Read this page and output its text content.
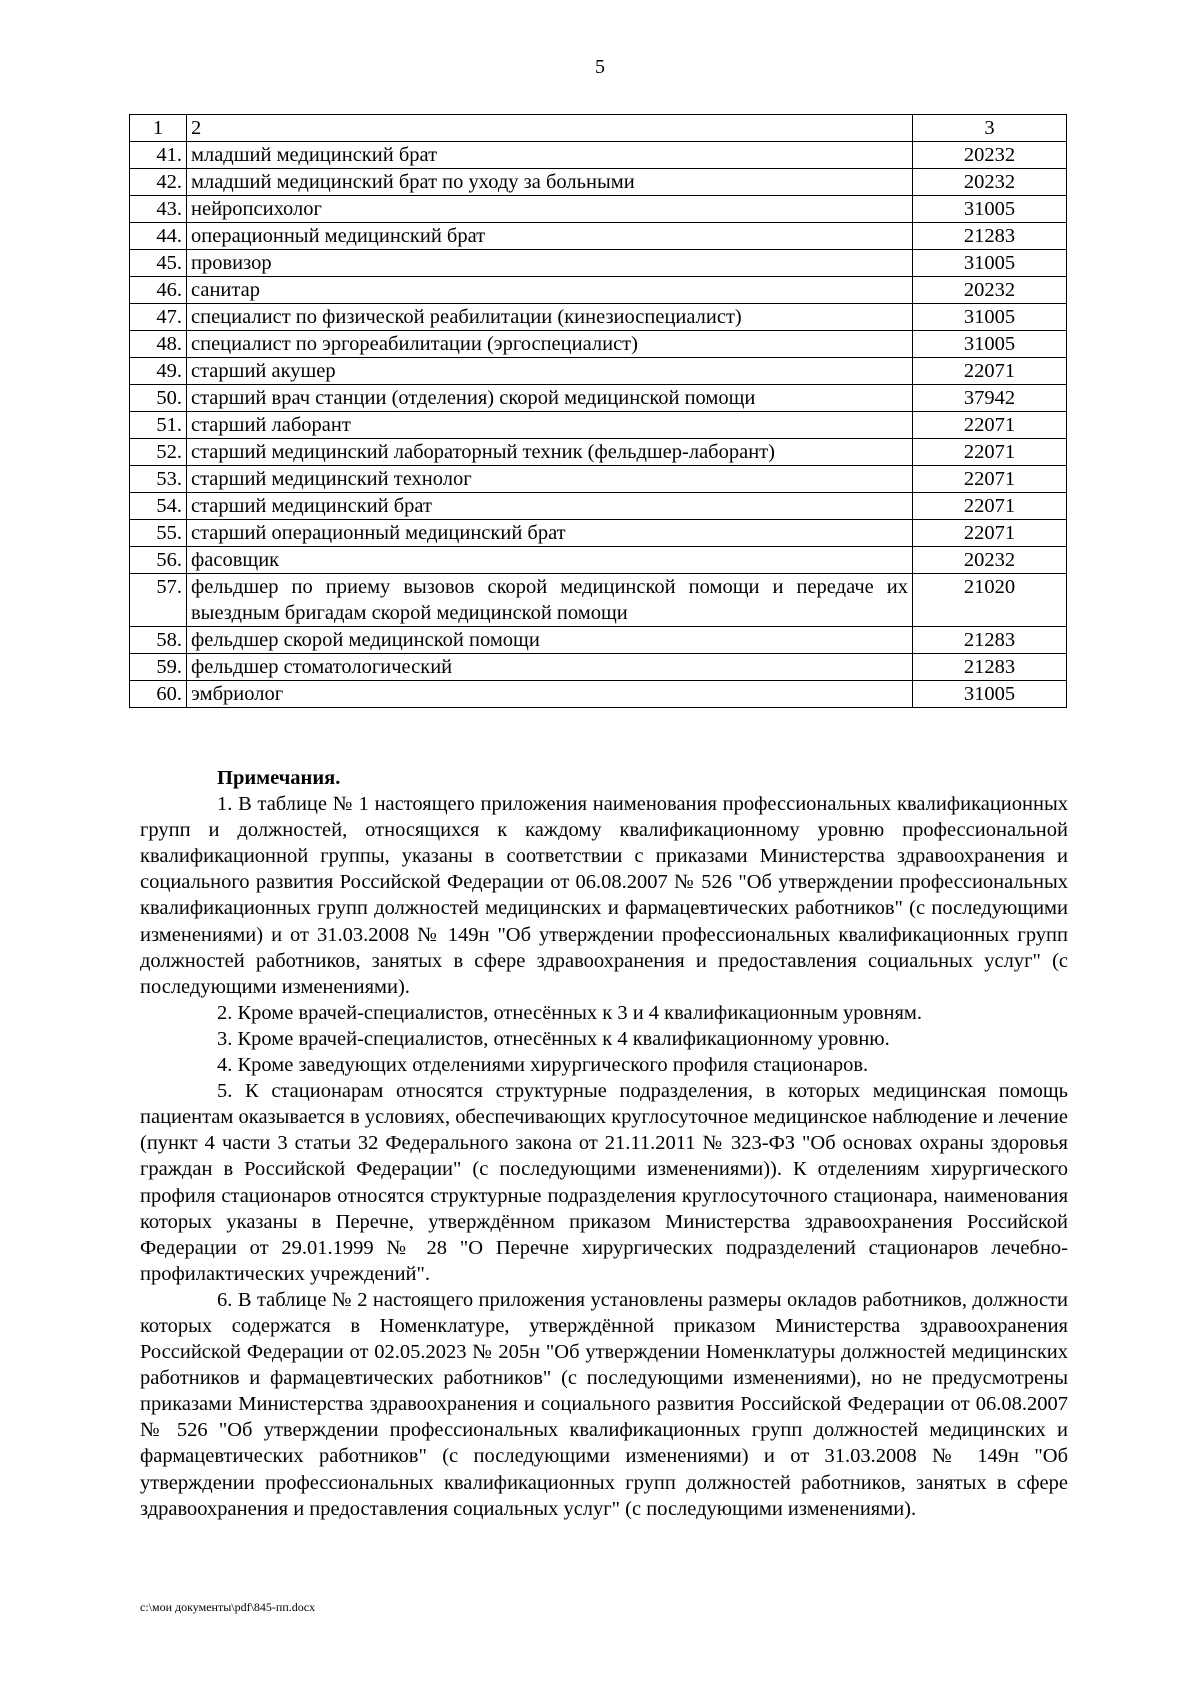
5
1	2	3
41.	младший медицинский брат	20232
42.	младший медицинский брат по уходу за больными	20232
43.	нейропсихолог	31005
44.	операционный медицинский брат	21283
45.	провизор	31005
46.	санитар	20232
47.	специалист по физической реабилитации (кинезиоспециалист)	31005
48.	специалист по эргореабилитации (эргоспециалист)	31005
49.	старший акушер	22071
50.	старший врач станции (отделения) скорой медицинской помощи	37942
51.	старший лаборант	22071
52.	старший медицинский лабораторный техник (фельдшер-лаборант)	22071
53.	старший медицинский технолог	22071
54.	старший медицинский брат	22071
55.	старший операционный медицинский брат	22071
56.	фасовщик	20232
57.	фельдшер по приему вызовов скорой медицинской помощи и передаче их выездным бригадам скорой медицинской помощи	21020
58.	фельдшер скорой медицинской помощи	21283
59.	фельдшер стоматологический	21283
60.	эмбриолог	31005
Примечания.

1. В таблице № 1 настоящего приложения наименования профессиональных квалификационных групп и должностей, относящихся к каждому квалификационному уровню профессиональной квалификационной группы, указаны в соответствии с приказами Министерства здравоохранения и социального развития Российской Федерации от 06.08.2007 № 526 "Об утверждении профессиональных квалификационных групп должностей медицинских и фармацевтических работников" (с последующими изменениями) и от 31.03.2008 № 149н "Об утверждении профессиональных квалификационных групп должностей работников, занятых в сфере здравоохранения и предоставления социальных услуг" (с последующими изменениями).

2. Кроме врачей-специалистов, отнесённых к 3 и 4 квалификационным уровням.

3. Кроме врачей-специалистов, отнесённых к 4 квалификационному уровню.

4. Кроме заведующих отделениями хирургического профиля стационаров.

5. К стационарам относятся структурные подразделения, в которых медицинская помощь пациентам оказывается в условиях, обеспечивающих круглосуточное медицинское наблюдение и лечение (пункт 4 части 3 статьи 32 Федерального закона от 21.11.2011 № 323-ФЗ "Об основах охраны здоровья граждан в Российской Федерации" (с последующими изменениями)). К отделениям хирургического профиля стационаров относятся структурные подразделения круглосуточного стационара, наименования которых указаны в Перечне, утверждённом приказом Министерства здравоохранения Российской Федерации от 29.01.1999 № 28 "О Перечне хирургических подразделений стационаров лечебно-профилактических учреждений".

6. В таблице № 2 настоящего приложения установлены размеры окладов работников, должности которых содержатся в Номенклатуре, утверждённой приказом Министерства здравоохранения Российской Федерации от 02.05.2023 № 205н "Об утверждении Номенклатуры должностей медицинских работников и фармацевтических работников" (с последующими изменениями), но не предусмотрены приказами Министерства здравоохранения и социального развития Российской Федерации от 06.08.2007 № 526 "Об утверждении профессиональных квалификационных групп должностей медицинских и фармацевтических работников" (с последующими изменениями) и от 31.03.2008 № 149н "Об утверждении профессиональных квалификационных групп должностей работников, занятых в сфере здравоохранения и предоставления социальных услуг" (с последующими изменениями).

c:\мои документы\pdf\845-пп.docx
